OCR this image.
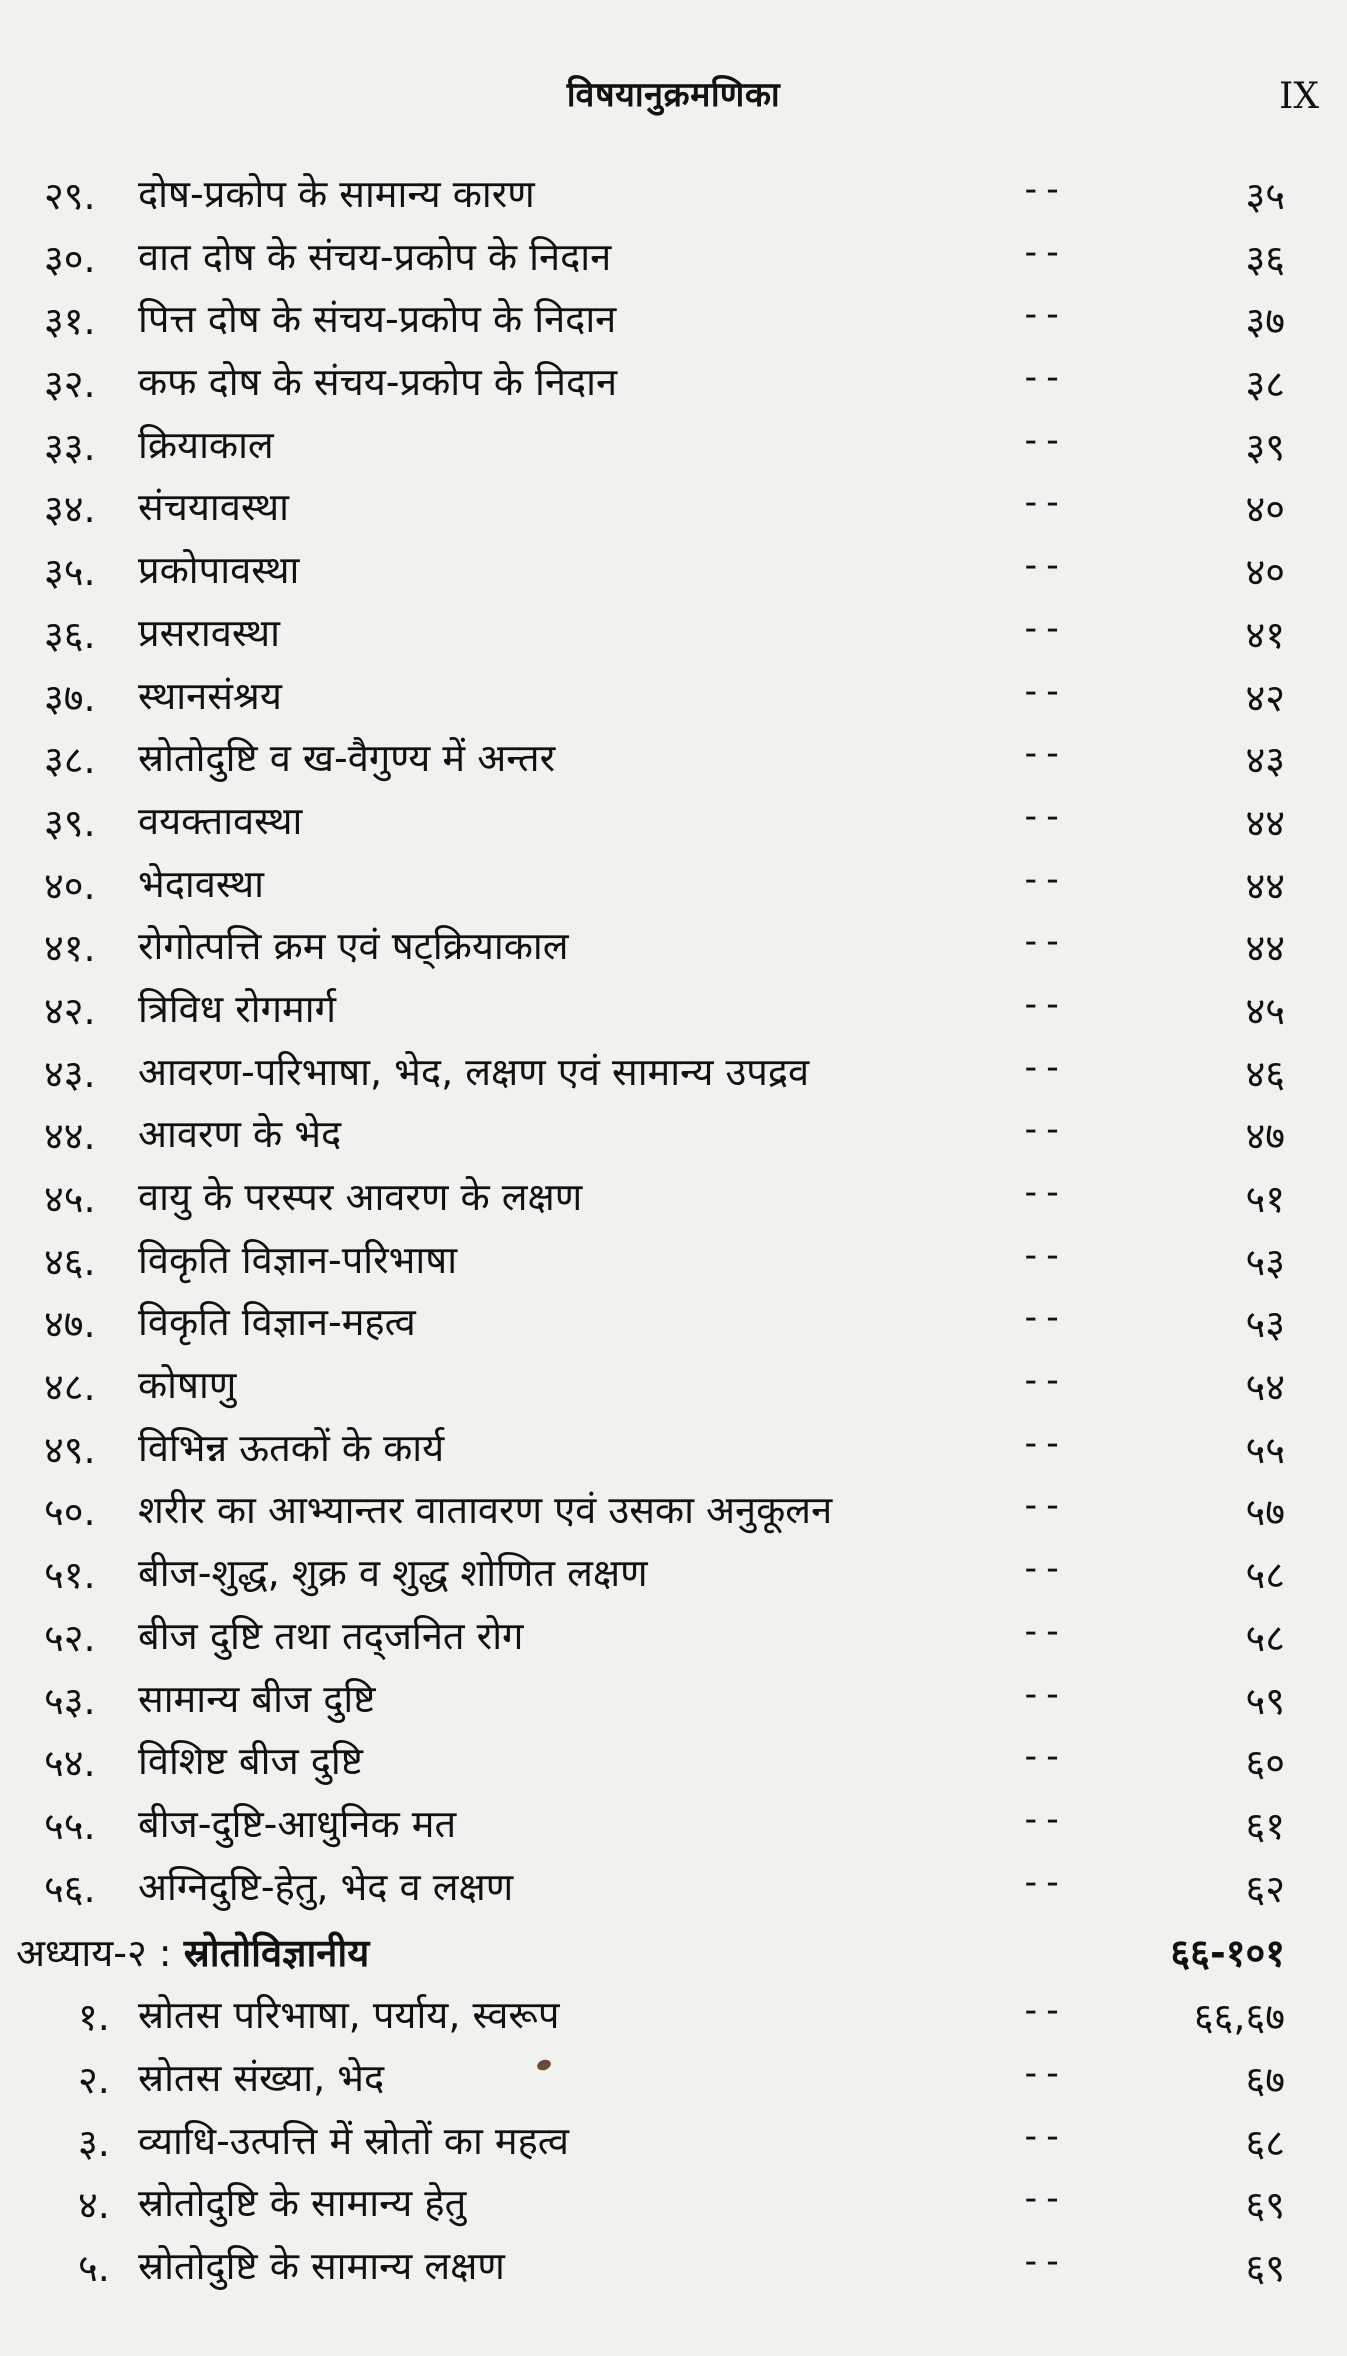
विषयानुक्रमणिका	IX
२९.	दोष-प्रकोप के सामान्य कारण	--	३५
३०.	वात दोष के संचय-प्रकोप के निदान	--	३६
३१.	पित्त दोष के संचय-प्रकोप के निदान	--	३७
३२.	कफ दोष के संचय-प्रकोप के निदान	--	३८
३३.	क्रियाकाल	--	३९
३४.	संचयावस्था	--	४०
३५.	प्रकोपावस्था	--	४०
३६.	प्रसरावस्था	--	४१
३७.	स्थानसंश्रय	--	४२
३८.	स्रोतोदुष्टि व ख-वैगुण्य में अन्तर	--	४३
३९.	वयक्तावस्था	--	४४
४०.	भेदावस्था	--	४४
४१.	रोगोत्पत्ति क्रम एवं षट्क्रियाकाल	--	४४
४२.	त्रिविध रोगमार्ग	--	४५
४३.	आवरण-परिभाषा, भेद, लक्षण एवं सामान्य उपद्रव	--	४६
४४.	आवरण के भेद	--	४७
४५.	वायु के परस्पर आवरण के लक्षण	--	५१
४६.	विकृति विज्ञान-परिभाषा	--	५३
४७.	विकृति विज्ञान-महत्व	--	५३
४८.	कोषाणु	--	५४
४९.	विभिन्न ऊतकों के कार्य	--	५५
५०.	शरीर का आभ्यान्तर वातावरण एवं उसका अनुकूलन	--	५७
५१.	बीज-शुद्ध, शुक्र व शुद्ध शोणित लक्षण	--	५८
५२.	बीज दुष्टि तथा तद्जनित रोग	--	५८
५३.	सामान्य बीज दुष्टि	--	५९
५४.	विशिष्ट बीज दुष्टि	--	६०
५५.	बीज-दुष्टि-आधुनिक मत	--	६१
५६.	अग्निदुष्टि-हेतु, भेद व लक्षण	--	६२
अध्याय-२ : स्रोतोविज्ञानीय	६६-१०१
१. स्रोतस परिभाषा, पर्याय, स्वरूप	--	६६,६७
२. स्रोतस संख्या, भेद	--	६७
३. व्याधि-उत्पत्ति में स्रोतों का महत्व	--	६८
४. स्रोतोदुष्टि के सामान्य हेतु	--	६९
५. स्रोतोदुष्टि के सामान्य लक्षण	--	६९
